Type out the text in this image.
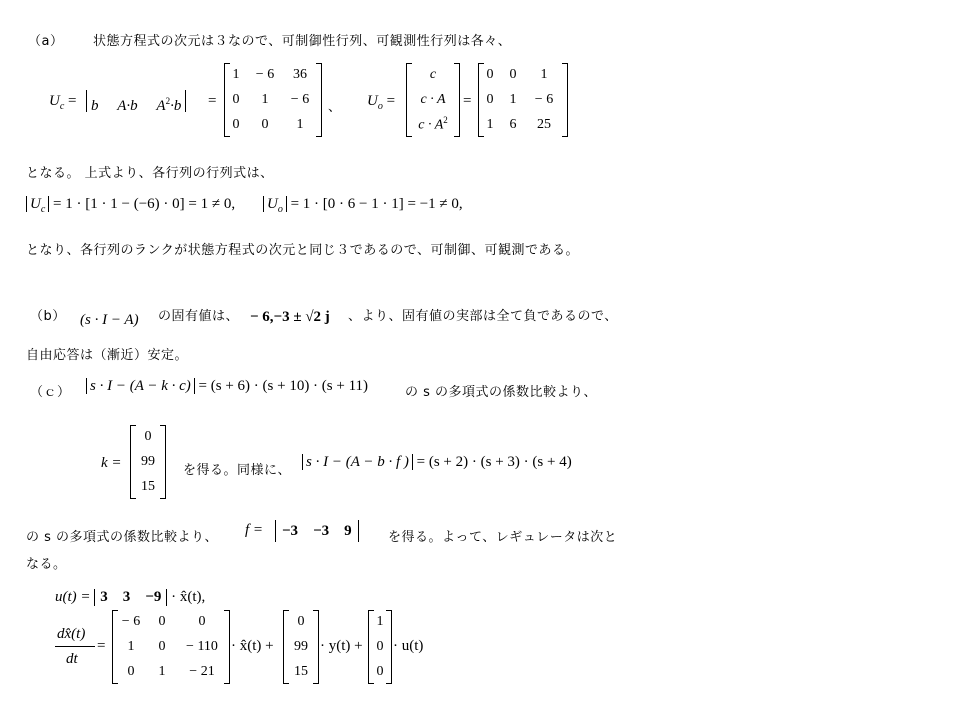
（a） 状態方程式の次元は３なので、可制御性行列、可観測性行列は各々、
$U_c = b$ A·b $A^2\cdot b$	=
1 − 6 36
0 1 − 6
0 0 1
、 $U_o$ =
c
c · A
$c \cdot A^2$
=
0 0 1
0 1 − 6
1 6 25
となる。 上式より、各行列の行列式は、
$U_c = 1 \cdot [1 \cdot 1 - (-6) \cdot 0] = 1 \ne 0$, $U_o = 1 \cdot [0 \cdot 6 - 1 \cdot 1] = -1 \ne 0$,
となり、各行列のランクが状態方程式の次元と同じ３であるので、可制御、可観測である。
（b） (s · I − A) の固有値は、 − 6,−3 ± √2 j 、より、固有値の実部は全て負であるので、
自由応答は（漸近）安定。
（ｃ） s · I − (A − k · c) = (s + 6) · (s + 10) · (s + 11)	の s の多項式の係数比較より、
k =
0
99
15
を得る。同様に、
s · I − (A − b · f ) = (s + 2) · (s + 3) · (s + 4)
の s の多項式の係数比較より、 f =	−3 −3 9	を得る。よって、レギュレータは次と
なる。
u(t) = 3 3 −9 · x̂(t),
dx̂(t)
dt
=
− 6 0 0
1 0 − 110
0 1 − 21
· x̂(t) +
0
99
15
· y(t) +
1
0
0
· u(t)
